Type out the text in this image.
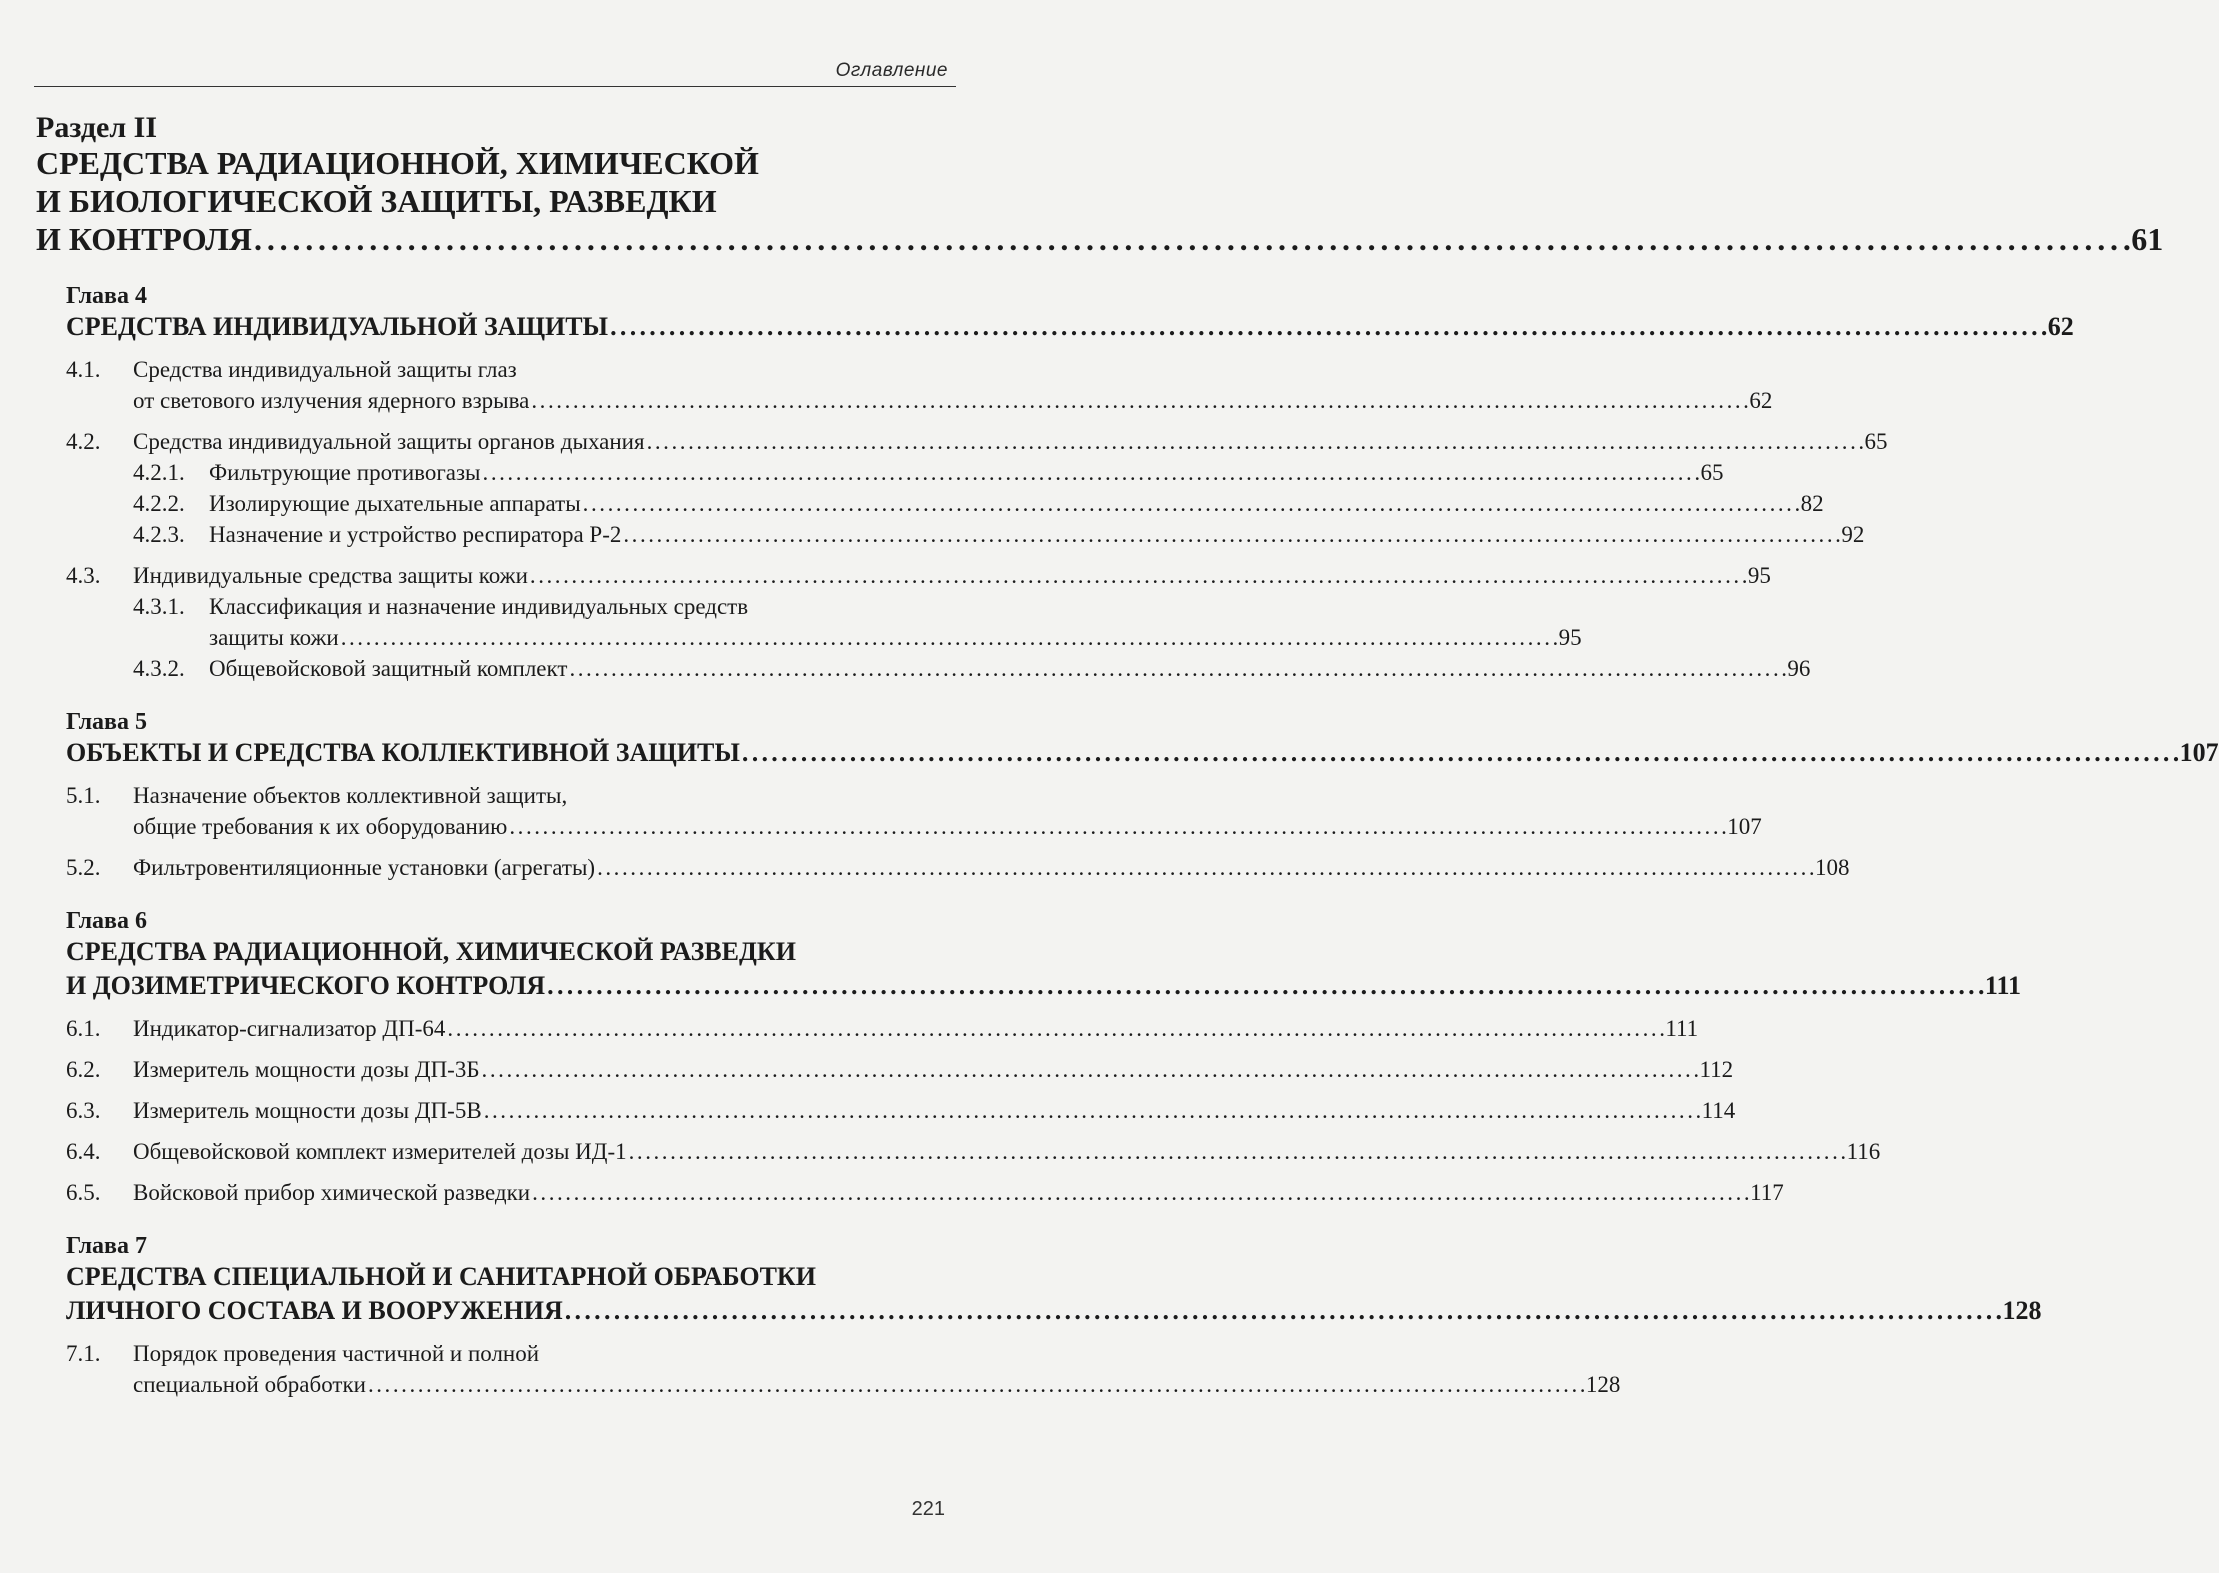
Оглавление
Раздел II
СРЕДСТВА РАДИАЦИОННОЙ, ХИМИЧЕСКОЙ
И БИОЛОГИЧЕСКОЙ ЗАЩИТЫ, РАЗВЕДКИ
И КОНТРОЛЯ . . .	61
Глава 4
СРЕДСТВА ИНДИВИДУАЛЬНОЙ ЗАЩИТЫ . . .	62
4.1.	Средства индивидуальной защиты глаз
от светового излучения ядерного взрыва . . .	62
4.2.	Средства индивидуальной защиты органов дыхания . . .	65
4.2.1.	Фильтрующие противогазы . . .	65
4.2.2.	Изолирующие дыхательные аппараты . . .	82
4.2.3.	Назначение и устройство респиратора Р-2 . . .	92
4.3.	Индивидуальные средства защиты кожи . . .	95
4.3.1.	Классификация и назначение индивидуальных средств
защиты кожи . . .	95
4.3.2.	Общевойсковой защитный комплект . . .	96
Глава 5
ОБЪЕКТЫ И СРЕДСТВА КОЛЛЕКТИВНОЙ ЗАЩИТЫ . . .	107
5.1.	Назначение объектов коллективной защиты,
общие требования к их оборудованию . . .	107
5.2.	Фильтровентиляционные установки (агрегаты) . . .	108
Глава 6
СРЕДСТВА РАДИАЦИОННОЙ, ХИМИЧЕСКОЙ РАЗВЕДКИ
И ДОЗИМЕТРИЧЕСКОГО КОНТРОЛЯ . . .	111
6.1.	Индикатор-сигнализатор ДП-64 . . .	111
6.2.	Измеритель мощности дозы ДП-3Б . . .	112
6.3.	Измеритель мощности дозы ДП-5В . . .	114
6.4.	Общевойсковой комплект измерителей дозы ИД-1 . . .	116
6.5.	Войсковой прибор химической разведки . . .	117
Глава 7
СРЕДСТВА СПЕЦИАЛЬНОЙ И САНИТАРНОЙ ОБРАБОТКИ
ЛИЧНОГО СОСТАВА И ВООРУЖЕНИЯ . . .	128
7.1.	Порядок проведения частичной и полной
специальной обработки . . .	128
221
